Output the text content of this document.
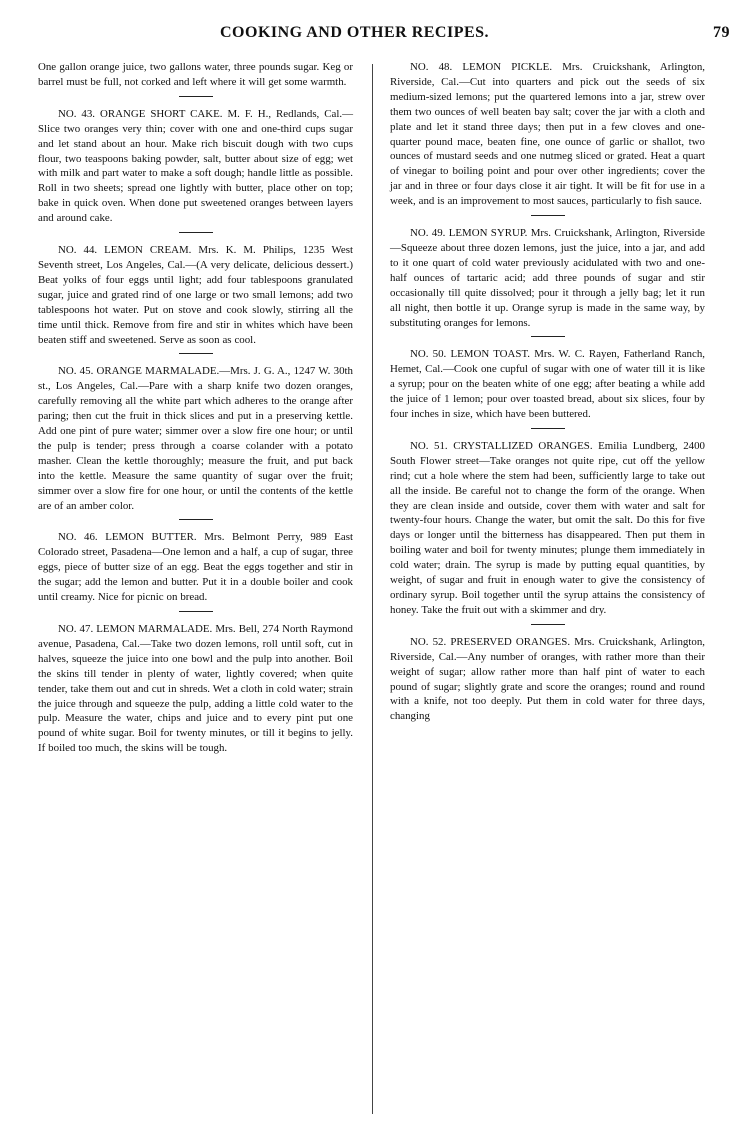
COOKING AND OTHER RECIPES.	79

One gallon orange juice, two gallons water, three pounds sugar. Keg or barrel must be full, not corked and left where it will get some warmth.

NO. 43. ORANGE SHORT CAKE. M. F. H., Redlands, Cal.—Slice two oranges very thin; cover with one and one-third cups sugar and let stand about an hour. Make rich biscuit dough with two cups flour, two teaspoons baking powder, salt, butter about size of egg; wet with milk and part water to make a soft dough; handle little as possible. Roll in two sheets; spread one lightly with butter, place other on top; bake in quick oven. When done put sweetened oranges between layers and around cake.

NO. 44. LEMON CREAM. Mrs. K. M. Philips, 1235 West Seventh street, Los Angeles, Cal.—(A very delicate, delicious dessert.) Beat yolks of four eggs until light; add four tablespoons granulated sugar, juice and grated rind of one large or two small lemons; add two tablespoons hot water. Put on stove and cook slowly, stirring all the time until thick. Remove from fire and stir in whites which have been beaten stiff and sweetened. Serve as soon as cool.

NO. 45. ORANGE MARMALADE.—Mrs. J. G. A., 1247 W. 30th st., Los Angeles, Cal.—Pare with a sharp knife two dozen oranges, carefully removing all the white part which adheres to the orange after paring; then cut the fruit in thick slices and put in a preserving kettle. Add one pint of pure water; simmer over a slow fire one hour; or until the pulp is tender; press through a coarse colander with a potato masher. Clean the kettle thoroughly; measure the fruit, and put back into the kettle. Measure the same quantity of sugar over the fruit; simmer over a slow fire for one hour, or until the contents of the kettle are of an amber color.

NO. 46. LEMON BUTTER. Mrs. Belmont Perry, 989 East Colorado street, Pasadena—One lemon and a half, a cup of sugar, three eggs, piece of butter size of an egg. Beat the eggs together and stir in the sugar; add the lemon and butter. Put it in a double boiler and cook until creamy. Nice for picnic on bread.

NO. 47. LEMON MARMALADE. Mrs. Bell, 274 North Raymond avenue, Pasadena, Cal.—Take two dozen lemons, roll until soft, cut in halves, squeeze the juice into one bowl and the pulp into another. Boil the skins till tender in plenty of water, lightly covered; when quite tender, take them out and cut in shreds. Wet a cloth in cold water; strain the juice through and squeeze the pulp, adding a little cold water to the pulp. Measure the water, chips and juice and to every pint put one pound of white sugar. Boil for twenty minutes, or till it begins to jelly. If boiled too much, the skins will be tough.

NO. 48. LEMON PICKLE. Mrs. Cruickshank, Arlington, Riverside, Cal.—Cut into quarters and pick out the seeds of six medium-sized lemons; put the quartered lemons into a jar, strew over them two ounces of well beaten bay salt; cover the jar with a cloth and plate and let it stand three days; then put in a few cloves and one-quarter pound mace, beaten fine, one ounce of garlic or shallot, two ounces of mustard seeds and one nutmeg sliced or grated. Heat a quart of vinegar to boiling point and pour over other ingredients; cover the jar and in three or four days close it air tight. It will be fit for use in a week, and is an improvement to most sauces, particularly to fish sauce.

NO. 49. LEMON SYRUP. Mrs. Cruickshank, Arlington, Riverside—Squeeze about three dozen lemons, just the juice, into a jar, and add to it one quart of cold water previously acidulated with two and one-half ounces of tartaric acid; add three pounds of sugar and stir occasionally till quite dissolved; pour it through a jelly bag; let it run all night, then bottle it up. Orange syrup is made in the same way, by substituting oranges for lemons.

NO. 50. LEMON TOAST. Mrs. W. C. Rayen, Fatherland Ranch, Hemet, Cal.—Cook one cupful of sugar with one of water till it is like a syrup; pour on the beaten white of one egg; after beating a while add the juice of 1 lemon; pour over toasted bread, about six slices, four by four inches in size, which have been buttered.

NO. 51. CRYSTALLIZED ORANGES. Emilia Lundberg, 2400 South Flower street—Take oranges not quite ripe, cut off the yellow rind; cut a hole where the stem had been, sufficiently large to take out all the inside. Be careful not to change the form of the orange. When they are clean inside and outside, cover them with water and salt for twenty-four hours. Change the water, but omit the salt. Do this for five days or longer until the bitterness has disappeared. Then put them in boiling water and boil for twenty minutes; plunge them immediately in cold water; drain. The syrup is made by putting equal quantities, by weight, of sugar and fruit in enough water to give the consistency of ordinary syrup. Boil together until the syrup attains the consistency of honey. Take the fruit out with a skimmer and dry.

NO. 52. PRESERVED ORANGES. Mrs. Cruickshank, Arlington, Riverside, Cal.—Any number of oranges, with rather more than their weight of sugar; allow rather more than half pint of water to each pound of sugar; slightly grate and score the oranges; round and round with a knife, not too deeply. Put them in cold water for three days, changing
